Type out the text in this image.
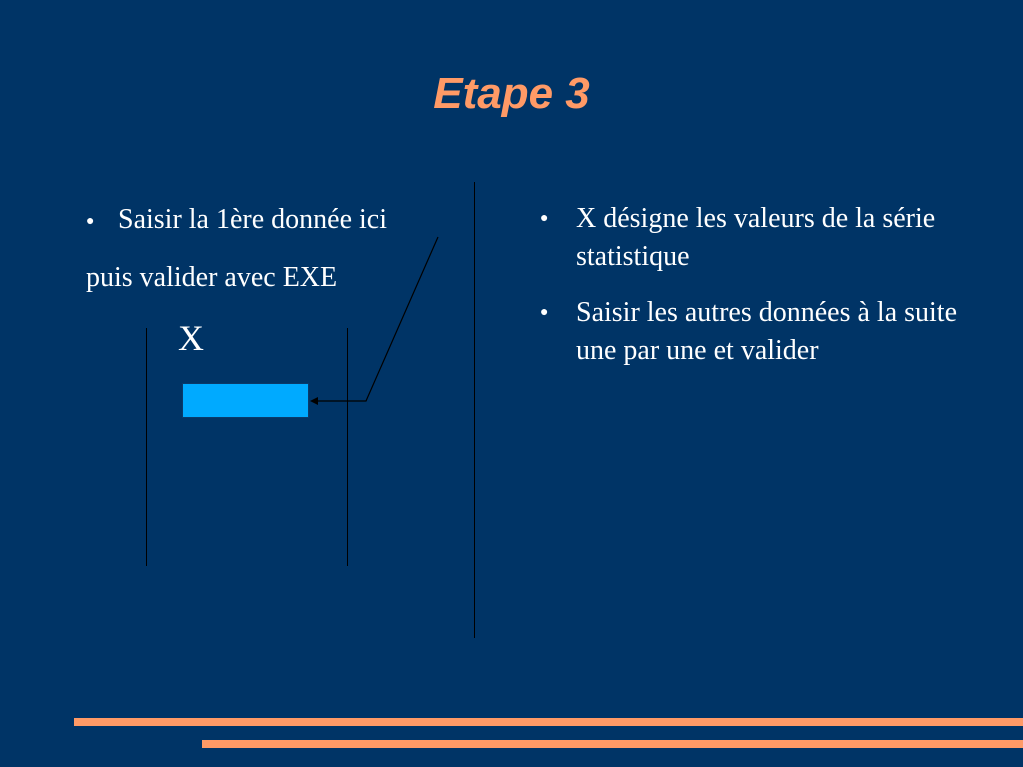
Etape 3
● Saisir la 1ère donnée ici
puis valider avec EXE
X
● X désigne les valeurs de la série statistique
● Saisir les autres données à la suite une par une et valider
